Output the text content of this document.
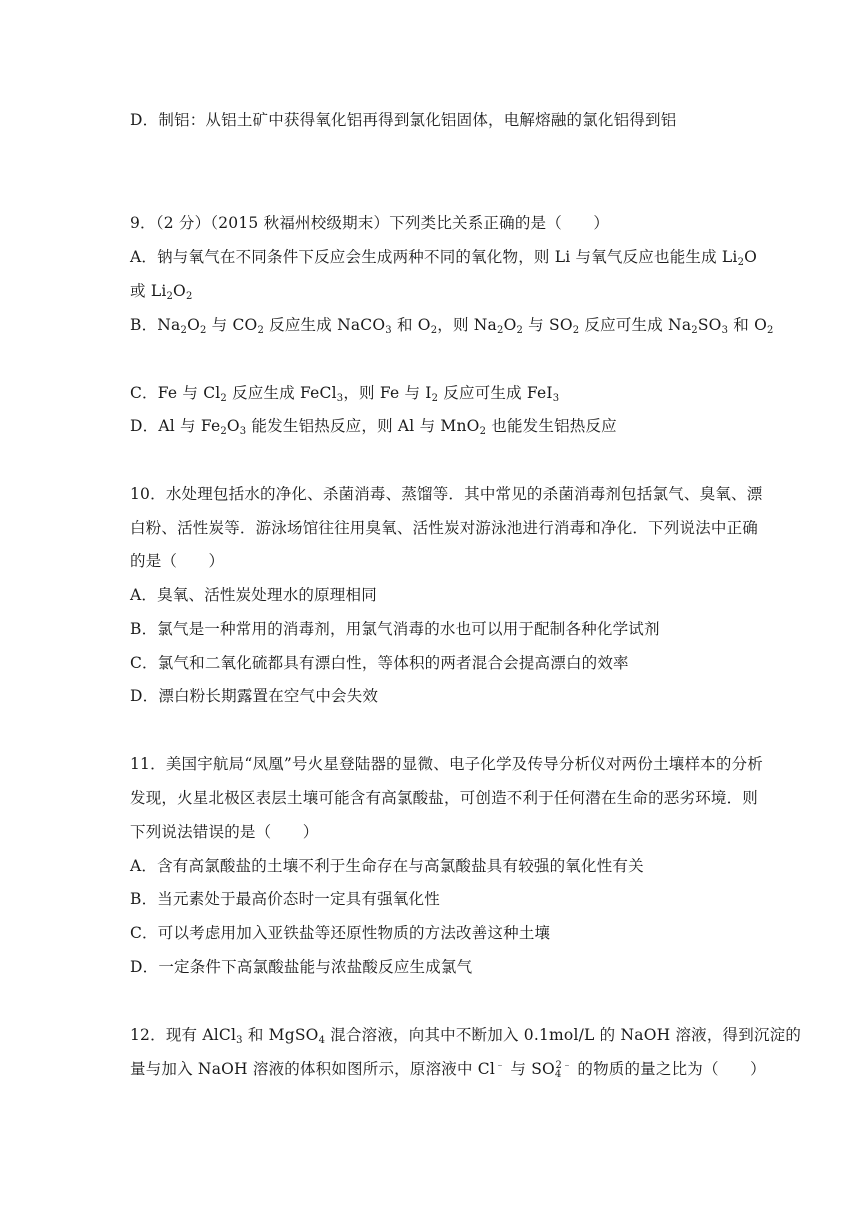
D．制铝：从铝土矿中获得氧化铝再得到氯化铝固体，电解熔融的氯化铝得到铝
9．（2 分）（2015 秋福州校级期末）下列类比关系正确的是（　　）
A．钠与氧气在不同条件下反应会生成两种不同的氧化物，则 Li 与氧气反应也能生成 $Li_2O$
或 $Li_2O_2$
B．$Na_2O_2$ 与 $CO_2$ 反应生成 NaCO$_3$ 和 $O_2$，则 $Na_2O_2$ 与 $SO_2$ 反应可生成 $Na_2SO_3$ 和 $O_2$
C．Fe 与 $Cl_2$ 反应生成 FeCl$_3$，则 Fe 与 $I_2$ 反应可生成 FeI$_3$
D．Al 与 $Fe_2O_3$ 能发生铝热反应，则 Al 与 MnO$_2$ 也能发生铝热反应
10．水处理包括水的净化、杀菌消毒、蒸馏等．其中常见的杀菌消毒剂包括氯气、臭氧、漂
白粉、活性炭等．游泳场馆往往用臭氧、活性炭对游泳池进行消毒和净化．下列说法中正确
的是（　　）
A．臭氧、活性炭处理水的原理相同
B．氯气是一种常用的消毒剂，用氯气消毒的水也可以用于配制各种化学试剂
C．氯气和二氧化硫都具有漂白性，等体积的两者混合会提高漂白的效率
D．漂白粉长期露置在空气中会失效
11．美国宇航局“凤凰”号火星登陆器的显微、电子化学及传导分析仪对两份土壤样本的分析
发现，火星北极区表层土壤可能含有高氯酸盐，可创造不利于任何潜在生命的恶劣环境．则
下列说法错误的是（　　）
A．含有高氯酸盐的土壤不利于生命存在与高氯酸盐具有较强的氧化性有关
B．当元素处于最高价态时一定具有强氧化性
C．可以考虑用加入亚铁盐等还原性物质的方法改善这种土壤
D．一定条件下高氯酸盐能与浓盐酸反应生成氯气
12．现有 AlCl$_3$ 和 MgSO$_4$ 混合溶液，向其中不断加入 0.1mol/L 的 NaOH 溶液，得到沉淀的
量与加入 NaOH 溶液的体积如图所示，原溶液中 Cl﹣ 与 $SO_4^{2﹣}$ 的物质的量之比为（　　）
